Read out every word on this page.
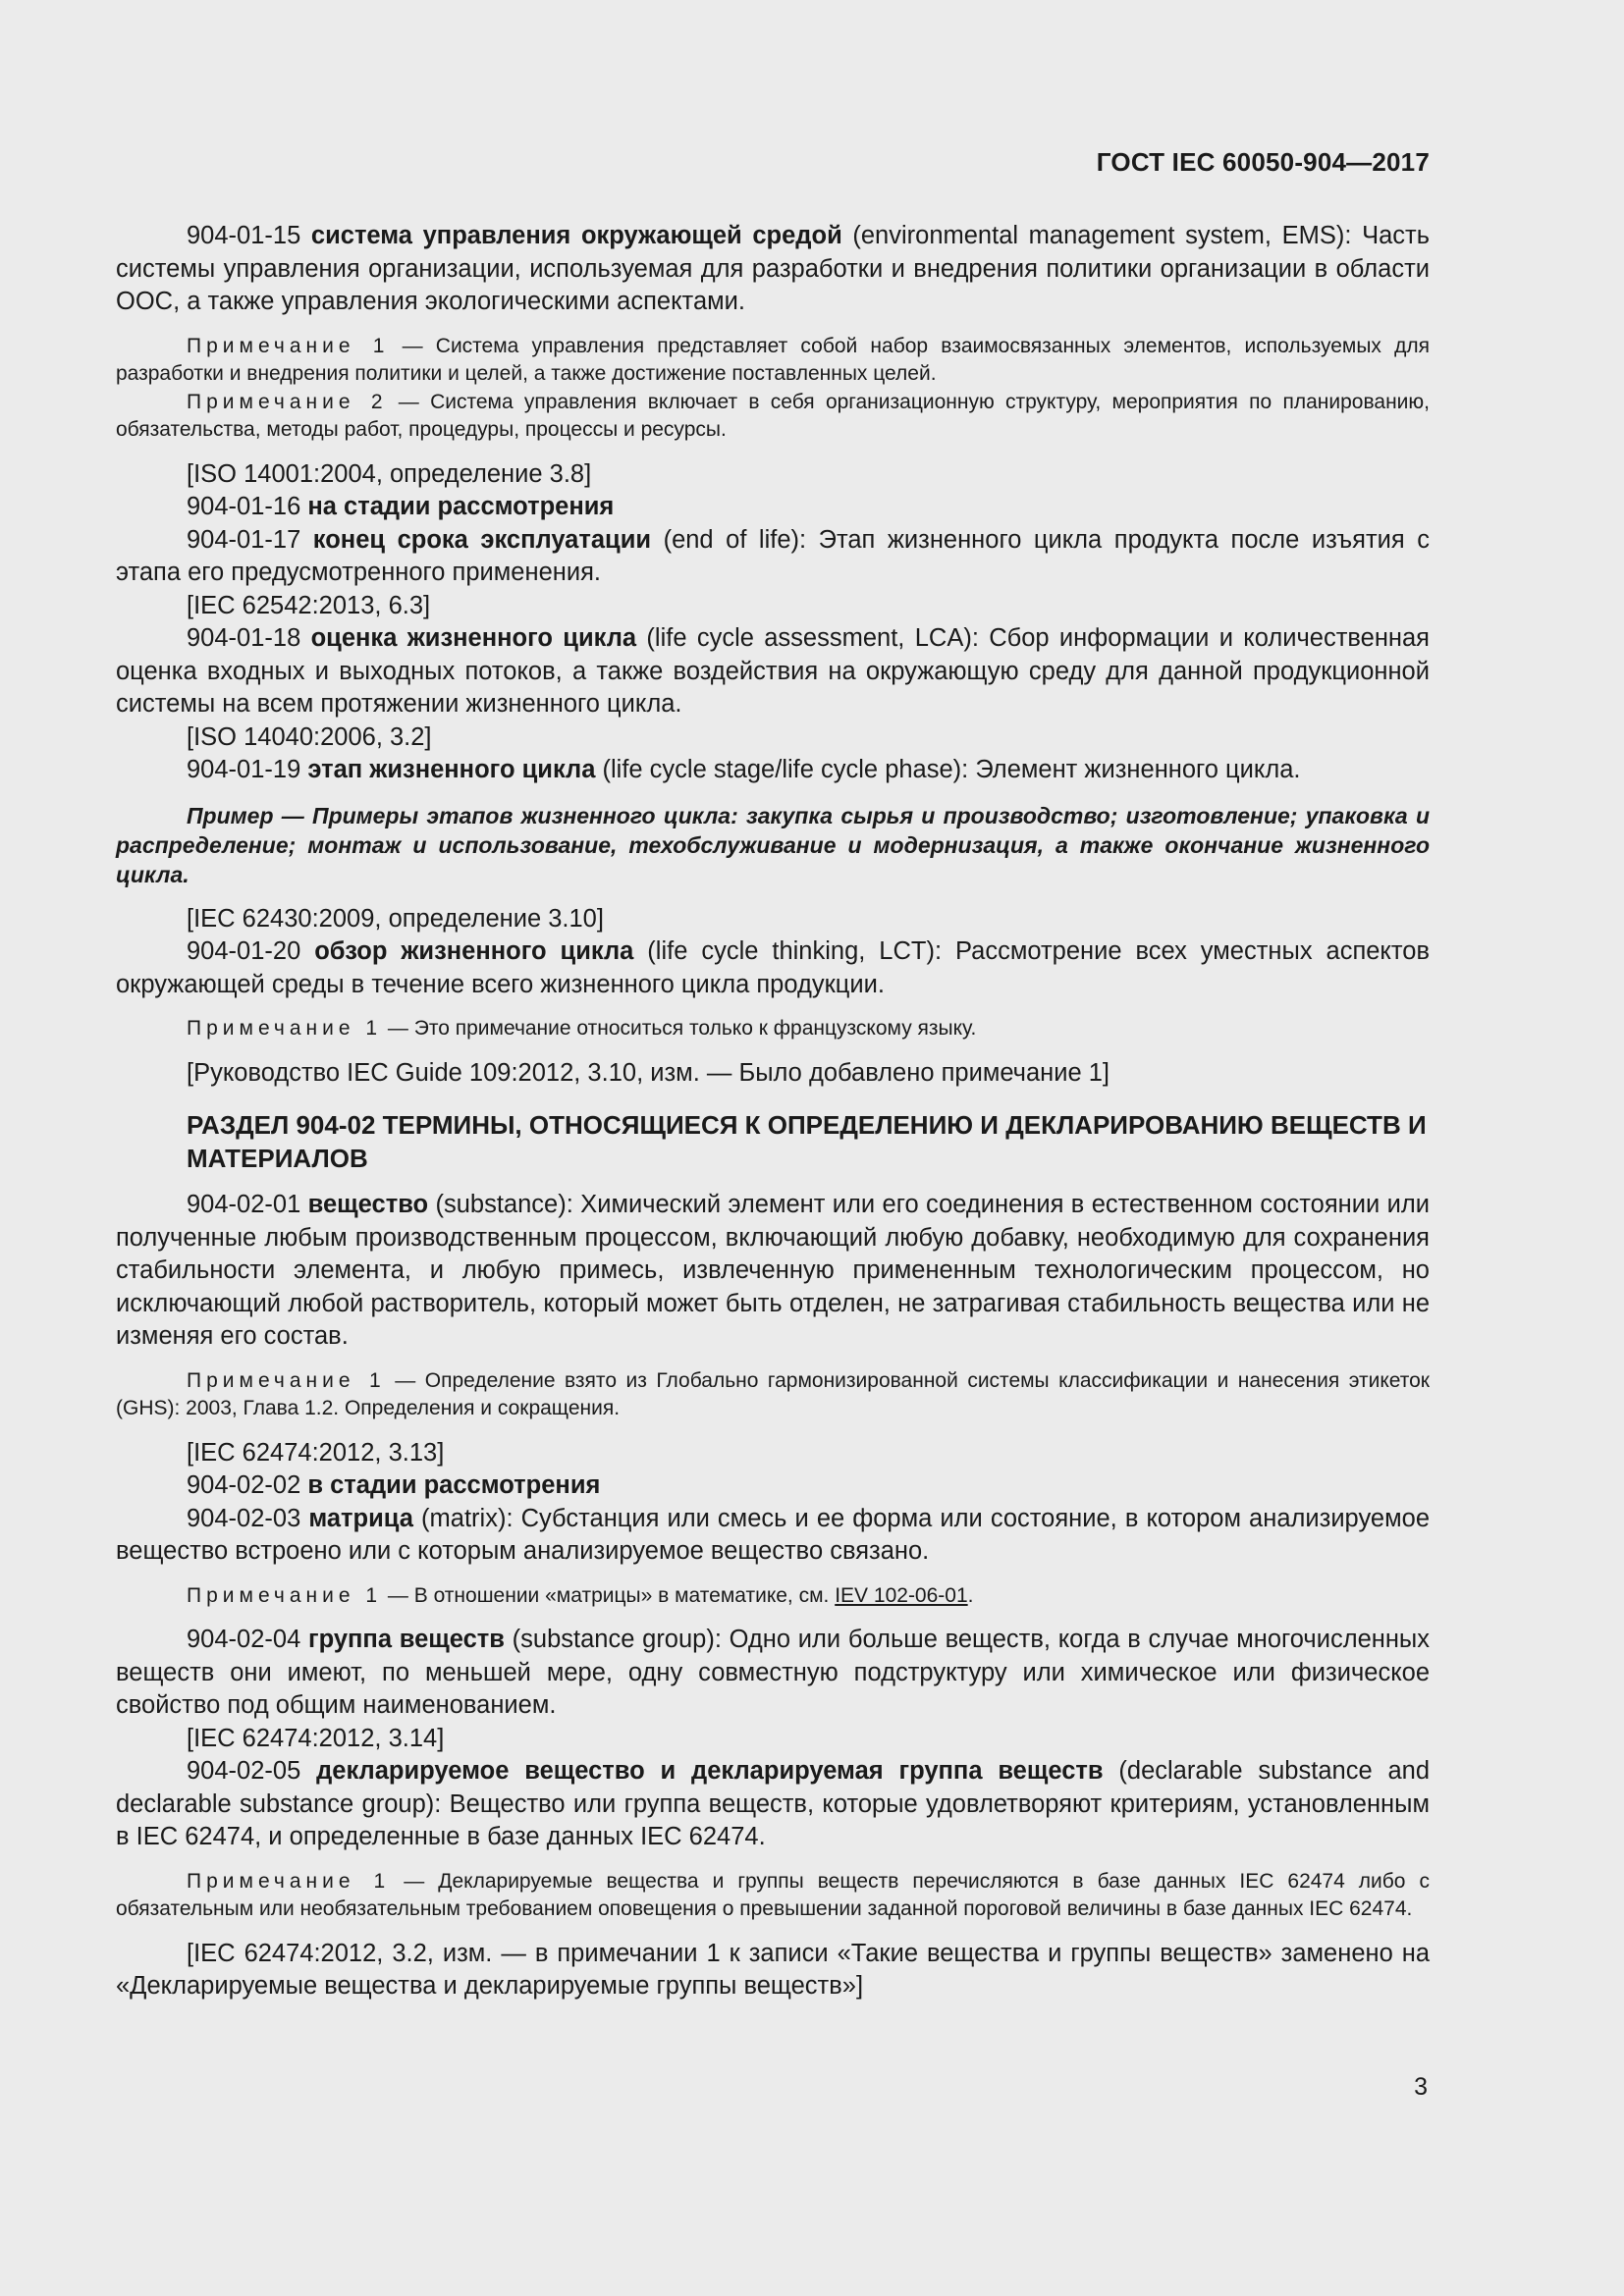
ГОСТ IEC 60050-904—2017

904-01-15 система управления окружающей средой (environmental management system, EMS): Часть системы управления организации, используемая для разработки и внедрения политики организации в области ООС, а также управления экологическими аспектами.

Примечание 1 — Система управления представляет собой набор взаимосвязанных элементов, используемых для разработки и внедрения политики и целей, а также достижение поставленных целей.

Примечание 2 — Система управления включает в себя организационную структуру, мероприятия по планированию, обязательства, методы работ, процедуры, процессы и ресурсы.

[ISO 14001:2004, определение 3.8]

904-01-16 на стадии рассмотрения

904-01-17 конец срока эксплуатации (end of life): Этап жизненного цикла продукта после изъятия с этапа его предусмотренного применения.

[IEC 62542:2013, 6.3]

904-01-18 оценка жизненного цикла (life cycle assessment, LCA): Сбор информации и количественная оценка входных и выходных потоков, а также воздействия на окружающую среду для данной продукционной системы на всем протяжении жизненного цикла.

[ISO 14040:2006, 3.2]

904-01-19 этап жизненного цикла (life cycle stage/life cycle phase): Элемент жизненного цикла.

Пример — Примеры этапов жизненного цикла: закупка сырья и производство; изготовление; упаковка и распределение; монтаж и использование, техобслуживание и модернизация, а также окончание жизненного цикла.

[IEC 62430:2009, определение 3.10]

904-01-20 обзор жизненного цикла (life cycle thinking, LCT): Рассмотрение всех уместных аспектов окружающей среды в течение всего жизненного цикла продукции.

Примечание 1 — Это примечание относиться только к французскому языку.

[Руководство IEC Guide 109:2012, 3.10, изм. — Было добавлено примечание 1]

РАЗДЕЛ 904-02 ТЕРМИНЫ, ОТНОСЯЩИЕСЯ К ОПРЕДЕЛЕНИЮ И ДЕКЛАРИРОВАНИЮ ВЕЩЕСТВ И МАТЕРИАЛОВ

904-02-01 вещество (substance): Химический элемент или его соединения в естественном состоянии или полученные любым производственным процессом, включающий любую добавку, необходимую для сохранения стабильности элемента, и любую примесь, извлеченную примененным технологическим процессом, но исключающий любой растворитель, который может быть отделен, не затрагивая стабильность вещества или не изменяя его состав.

Примечание 1 — Определение взято из Глобально гармонизированной системы классификации и нанесения этикеток (GHS): 2003, Глава 1.2. Определения и сокращения.

[IEC 62474:2012, 3.13]

904-02-02 в стадии рассмотрения

904-02-03 матрица (matrix): Субстанция или смесь и ее форма или состояние, в котором анализируемое вещество встроено или с которым анализируемое вещество связано.

Примечание 1 — В отношении «матрицы» в математике, см. IEV 102-06-01.

904-02-04 группа веществ (substance group): Одно или больше веществ, когда в случае многочисленных веществ они имеют, по меньшей мере, одну совместную подструктуру или химическое или физическое свойство под общим наименованием.

[IEC 62474:2012, 3.14]

904-02-05 декларируемое вещество и декларируемая группа веществ (declarable substance and declarable substance group): Вещество или группа веществ, которые удовлетворяют критериям, установленным в IEC 62474, и определенные в базе данных IEC 62474.

Примечание 1 — Декларируемые вещества и группы веществ перечисляются в базе данных IEC 62474 либо с обязательным или необязательным требованием оповещения о превышении заданной пороговой величины в базе данных IEC 62474.

[IEC 62474:2012, 3.2, изм. — в примечании 1 к записи «Такие вещества и группы веществ» заменено на «Декларируемые вещества и декларируемые группы веществ»]

3
